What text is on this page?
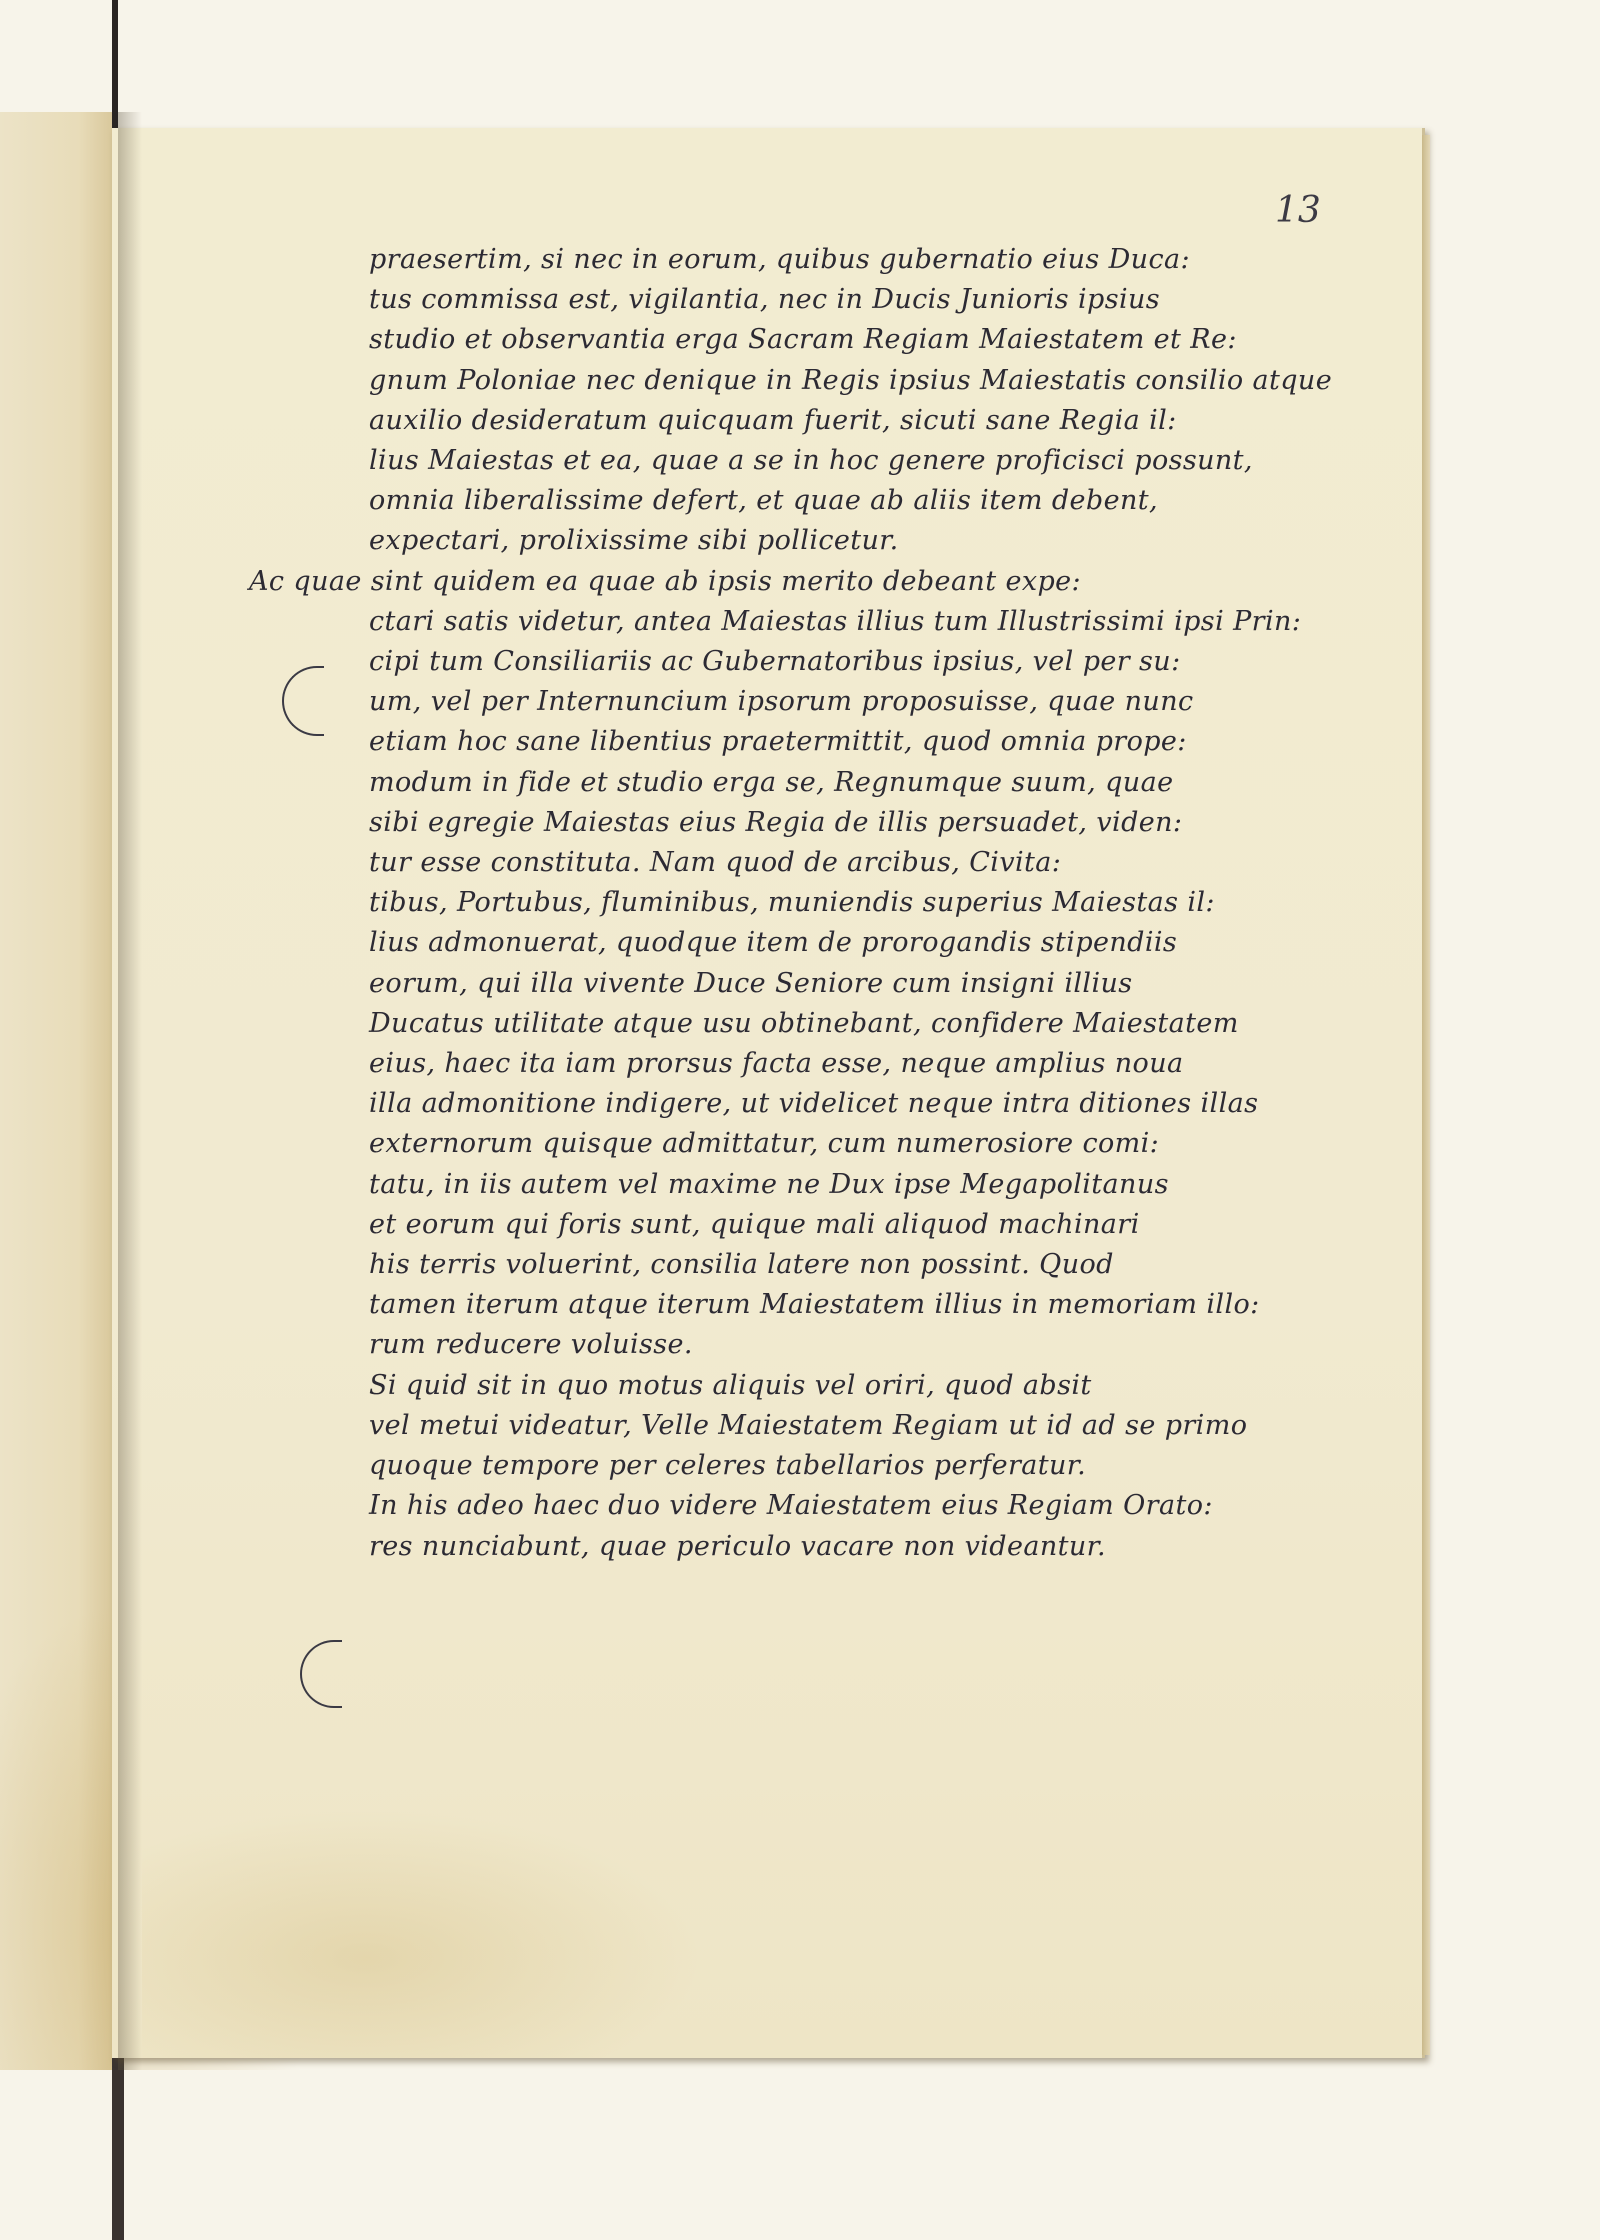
13
praesertim, si nec in eorum, quibus gubernatio eius Duca:
tus commissa est, vigilantia, nec in Ducis Junioris ipsius
studio et observantia erga Sacram Regiam Maiestatem et Re:
gnum Poloniae nec denique in Regis ipsius Maiestatis consilio atque
auxilio desideratum quicquam fuerit, sicuti sane Regia il:
lius Maiestas et ea, quae a se in hoc genere proficisci possunt,
omnia liberalissime defert, et quae ab aliis item debent,
expectari, prolixissime sibi pollicetur.
Ac quae sint quidem ea quae ab ipsis merito debeant expe:
ctari satis videtur, antea Maiestas illius tum Illustrissimi ipsi Prin:
cipi tum Consiliariis ac Gubernatoribus ipsius, vel per su:
um, vel per Internuncium ipsorum proposuisse, quae nunc
etiam hoc sane libentius praetermittit, quod omnia prope:
modum in fide et studio erga se, Regnumque suum, quae
sibi egregie Maiestas eius Regia de illis persuadet, viden:
tur esse constituta. Nam quod de arcibus, Civita:
tibus, Portubus, fluminibus, muniendis superius Maiestas il:
lius admonuerat, quodque item de prorogandis stipendiis
eorum, qui illa vivente Duce Seniore cum insigni illius
Ducatus utilitate atque usu obtinebant, confidere Maiestatem
eius, haec ita iam prorsus facta esse, neque amplius noua
illa admonitione indigere, ut videlicet neque intra ditiones illas
externorum quisque admittatur, cum numerosiore comi:
tatu, in iis autem vel maxime ne Dux ipse Megapolitanus
et eorum qui foris sunt, quique mali aliquod machinari
his terris voluerint, consilia latere non possint. Quod
tamen iterum atque iterum Maiestatem illius in memoriam illo:
rum reducere voluisse.
Si quid sit in quo motus aliquis vel oriri, quod absit
vel metui videatur, Velle Maiestatem Regiam ut id ad se primo
quoque tempore per celeres tabellarios perferatur.
In his adeo haec duo videre Maiestatem eius Regiam Orato:
res nunciabunt, quae periculo vacare non videantur.
